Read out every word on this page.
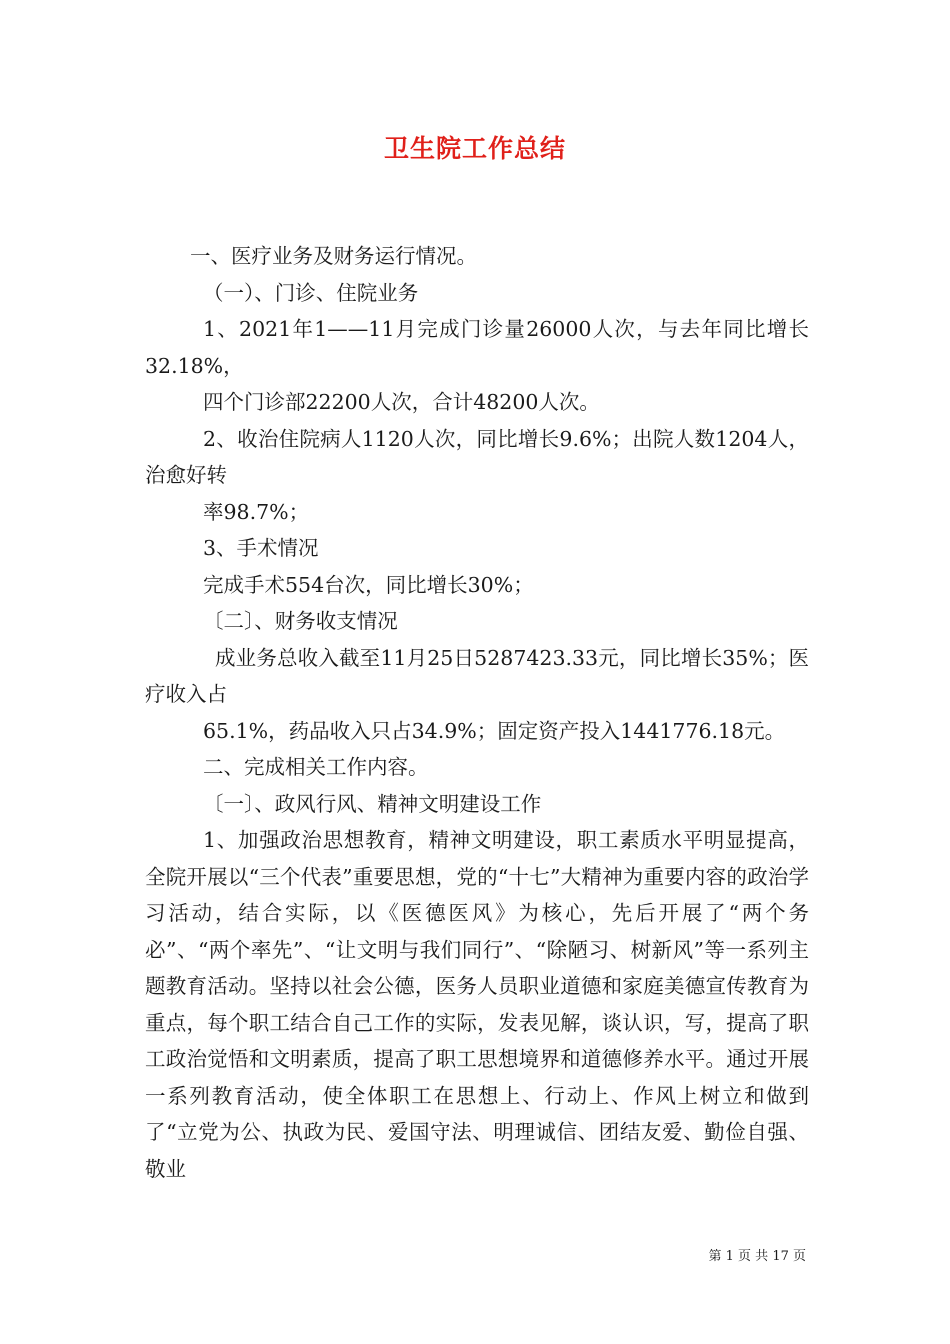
卫生院工作总结

一、医疗业务及财务运行情况。

（一）、门诊、住院业务

1、2021年1——11月完成门诊量26000人次，与去年同比增长32.18%，

四个门诊部22200人次，合计48200人次。

2、收治住院病人1120人次，同比增长9.6%；出院人数1204人，治愈好转

率98.7%；

3、手术情况

完成手术554台次，同比增长30%；

〔二〕、财务收支情况

成业务总收入截至11月25日5287423.33元，同比增长35%；医疗收入占

65.1%，药品收入只占34.9%；固定资产投入1441776.18元。

二、完成相关工作内容。

〔一〕、政风行风、精神文明建设工作

1、加强政治思想教育，精神文明建设，职工素质水平明显提高，全院开展以“三个代表”重要思想，党的“十七”大精神为重要内容的政治学习活动，结合实际，以《医德医风》为核心，先后开展了“两个务必”、“两个率先”、“让文明与我们同行”、“除陋习、树新风”等一系列主题教育活动。坚持以社会公德，医务人员职业道德和家庭美德宣传教育为重点，每个职工结合自己工作的实际，发表见解，谈认识，写，提高了职工政治觉悟和文明素质，提高了职工思想境界和道德修养水平。通过开展一系列教育活动，使全体职工在思想上、行动上、作风上树立和做到了“立党为公、执政为民、爱国守法、明理诚信、团结友爱、勤俭自强、敬业

第 1 页 共 17 页
